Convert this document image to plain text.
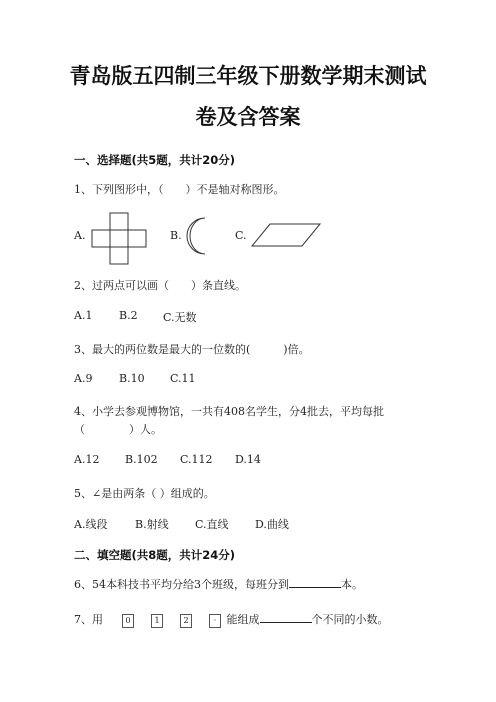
青岛版五四制三年级下册数学期末测试
卷及含答案
一、选择题(共5题，共计20分)
1、下列图形中，（　　）不是轴对称图形。
A.	B.	C.
2、过两点可以画（　　）条直线。
A.1 B.2 C.无数
3、最大的两位数是最大的一位数的(　　　)倍。
A.9 B.10 C.11
4、小学去参观博物馆，一共有408名学生，分4批去，平均每批
（　　　　）人。
A.12 B.102 C.112 D.14
5、∠是由两条（ ）组成的。
A.线段	B.射线 C.直线 D.曲线
二、填空题(共8题，共计24分)
6、54本科技书平均分给3个班级，每班分到	本。
7、用	0	1	2	· 能组成	个不同的小数。
